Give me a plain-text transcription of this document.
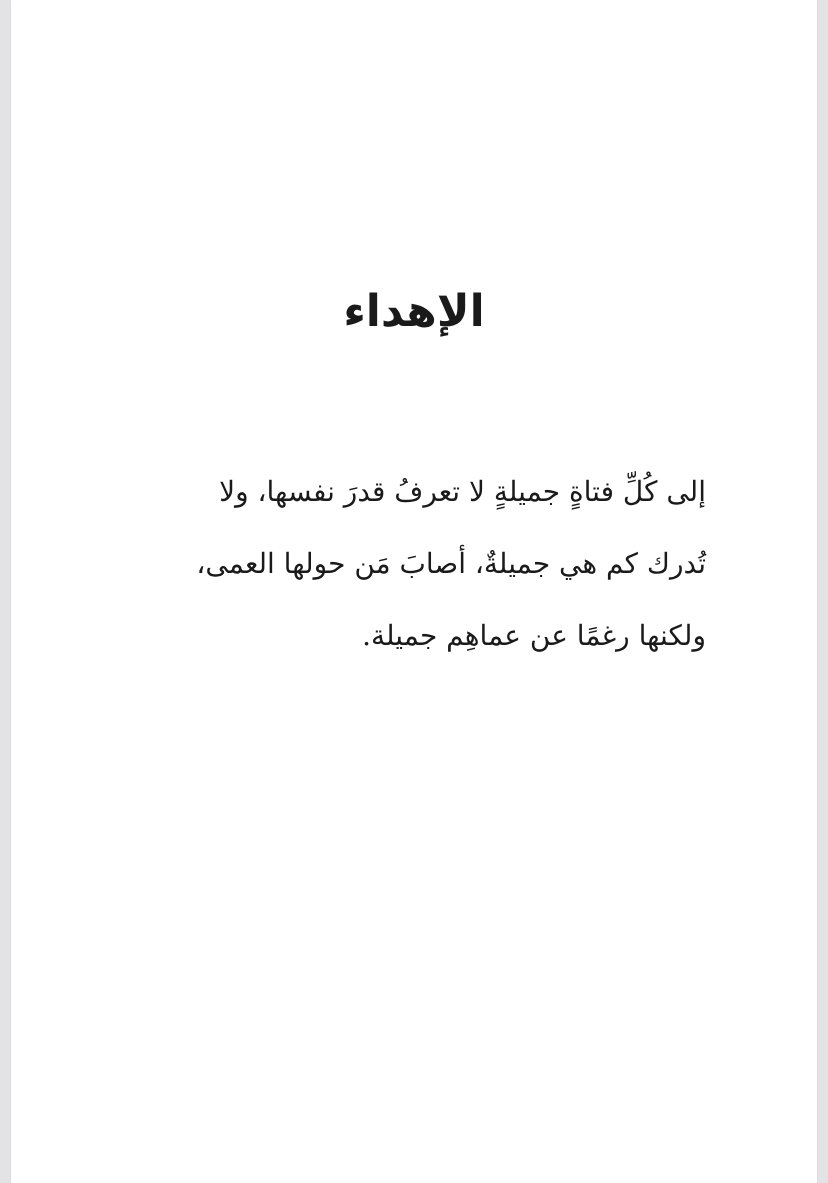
الإهداء

إلى كُلِّ فتاةٍ جميلةٍ لا تعرفُ قدرَ نفسها، ولا
تُدرك كم هي جميلةٌ، أصابَ مَن حولها العمى،
ولكنها رغمًا عن عماهِم جميلة.
